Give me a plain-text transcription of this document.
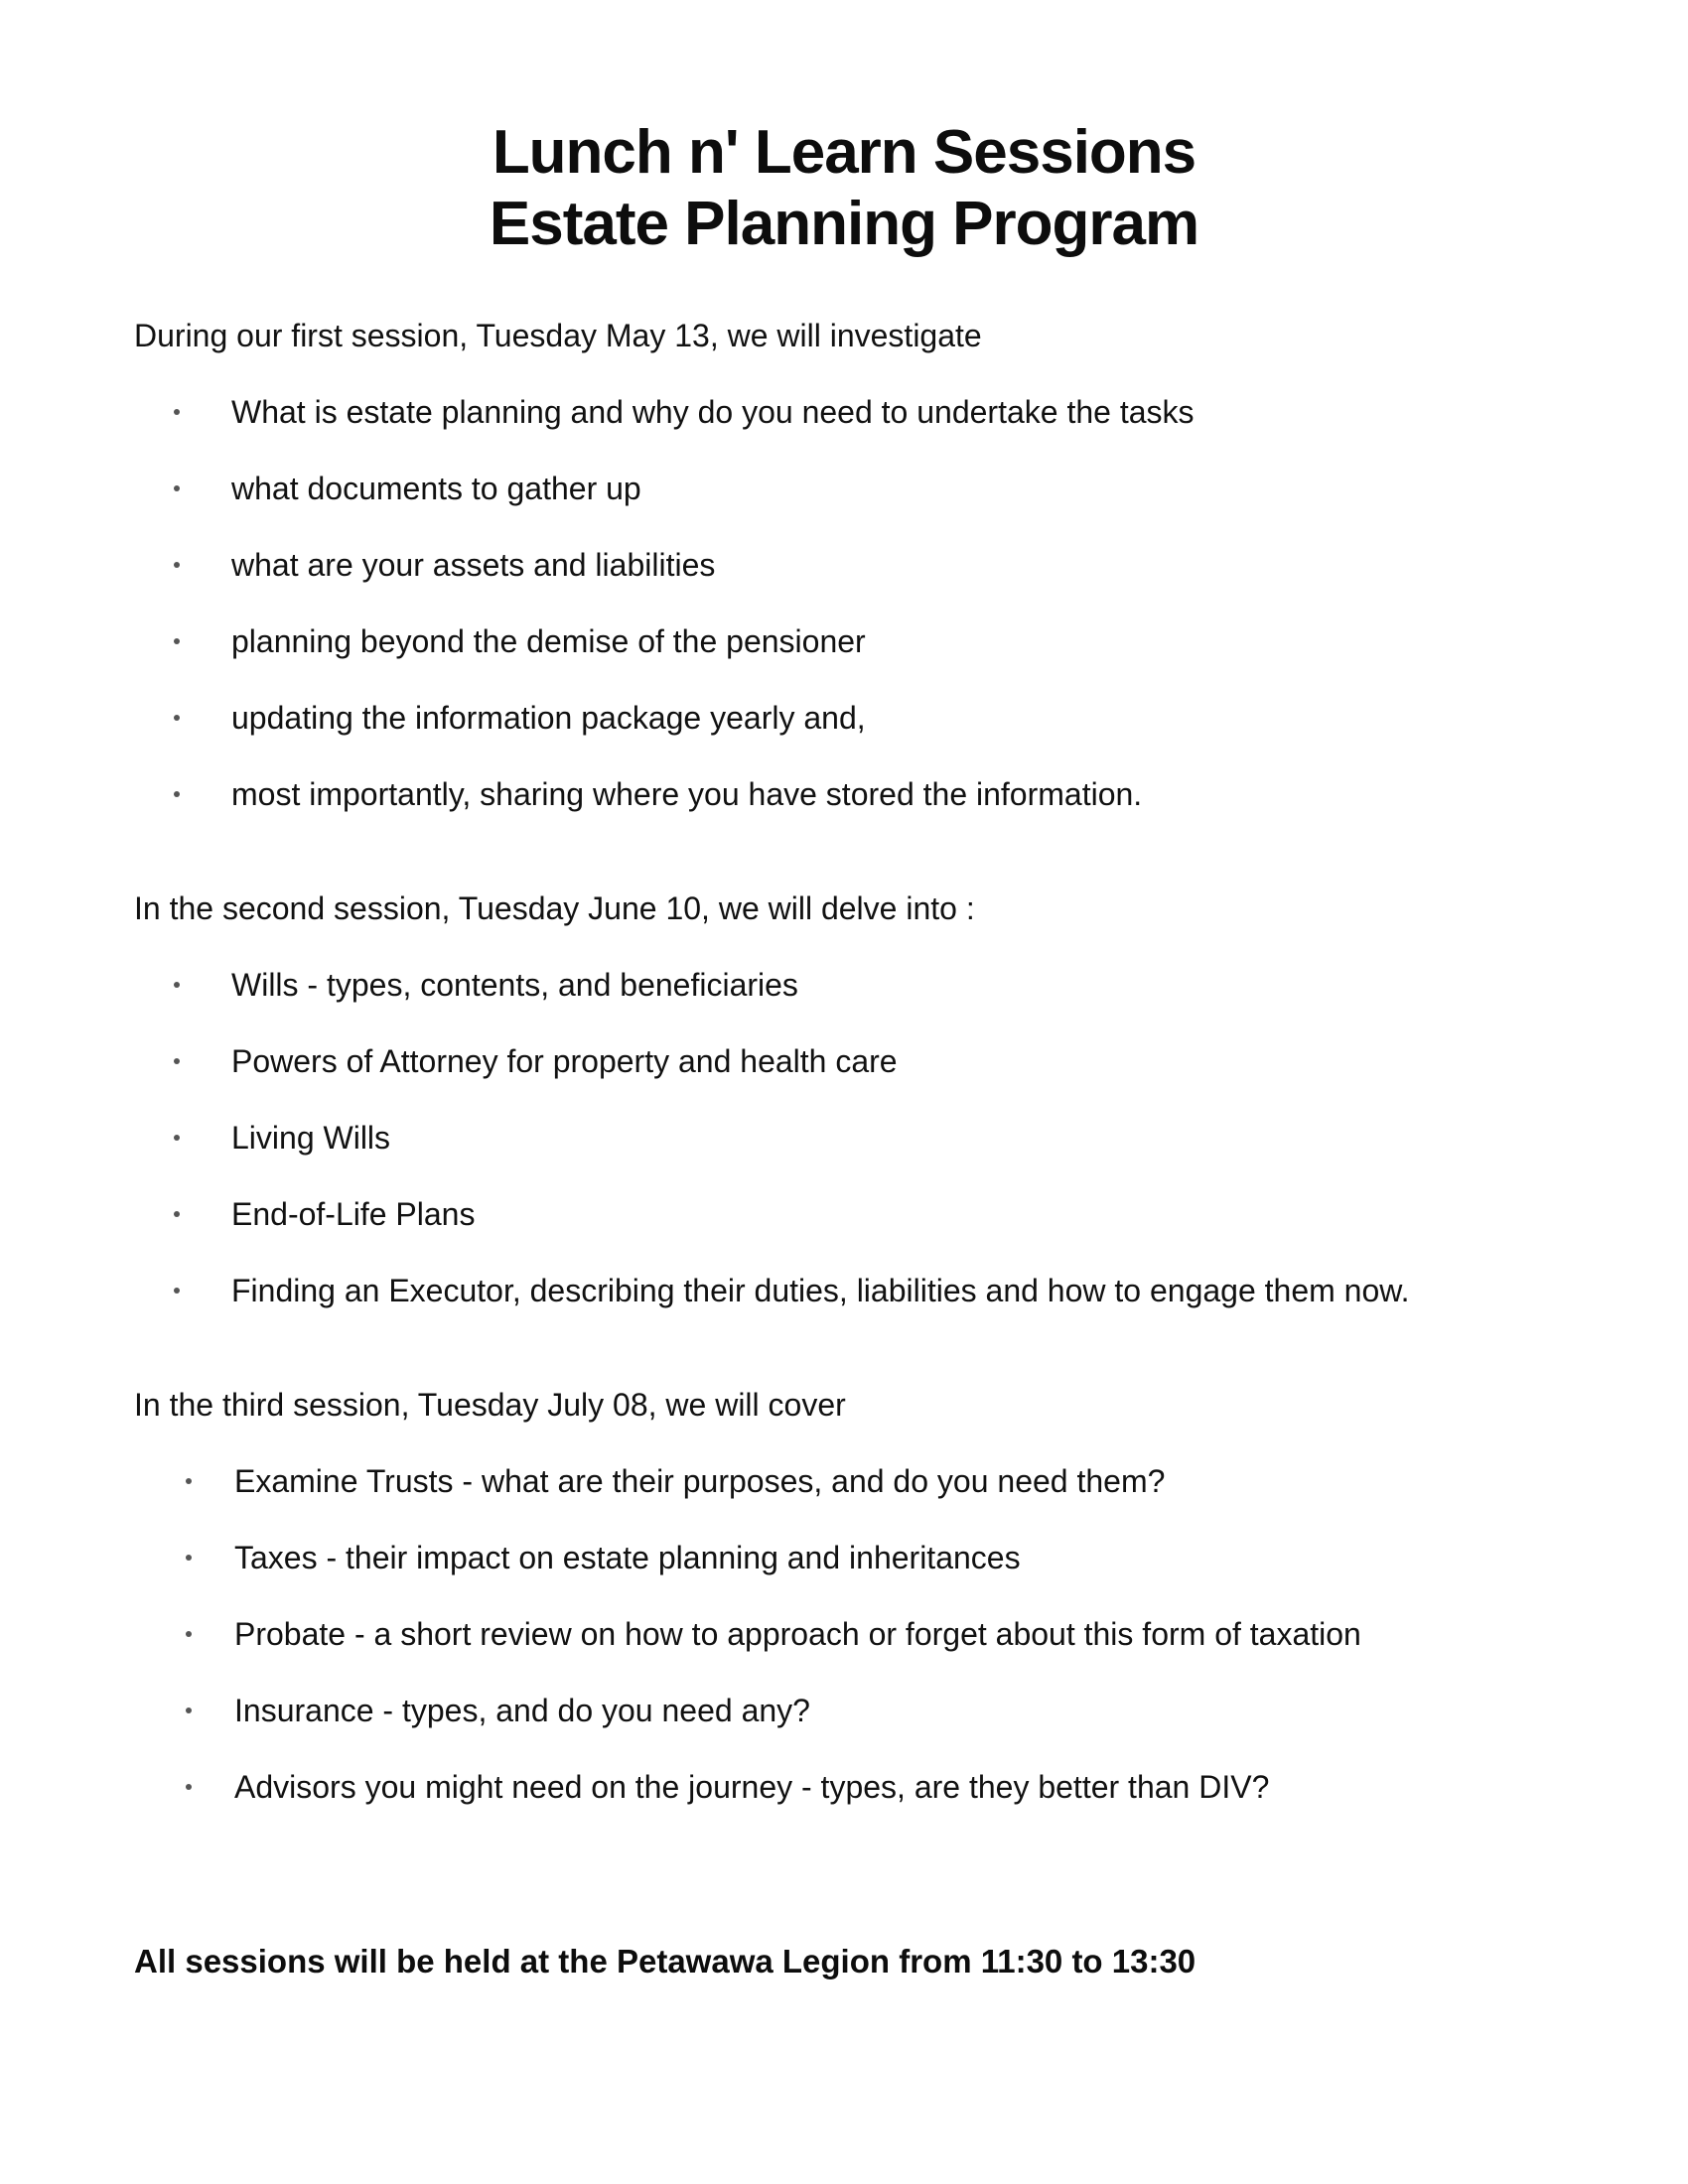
Lunch n' Learn Sessions
Estate Planning Program

During our first session, Tuesday May 13, we will investigate

What is estate planning and why do you need to undertake the tasks
what documents to gather up
what are your assets and liabilities
planning beyond the demise of the pensioner
updating the information package yearly and,
most importantly, sharing where you have stored the information.

In the second session, Tuesday June 10, we will delve into :

Wills - types, contents, and beneficiaries
Powers of Attorney for property and health care
Living Wills
End-of-Life Plans
Finding an Executor, describing their duties, liabilities and how to engage them now.

In the third session, Tuesday July 08, we will cover

Examine Trusts - what are their purposes, and do you need them?
Taxes - their impact on estate planning and inheritances
Probate - a short review on how to approach or forget about this form of taxation
Insurance - types, and do you need any?
Advisors you might need on the journey - types, are they better than DIV?

All sessions will be held at the Petawawa Legion from 11:30 to 13:30
